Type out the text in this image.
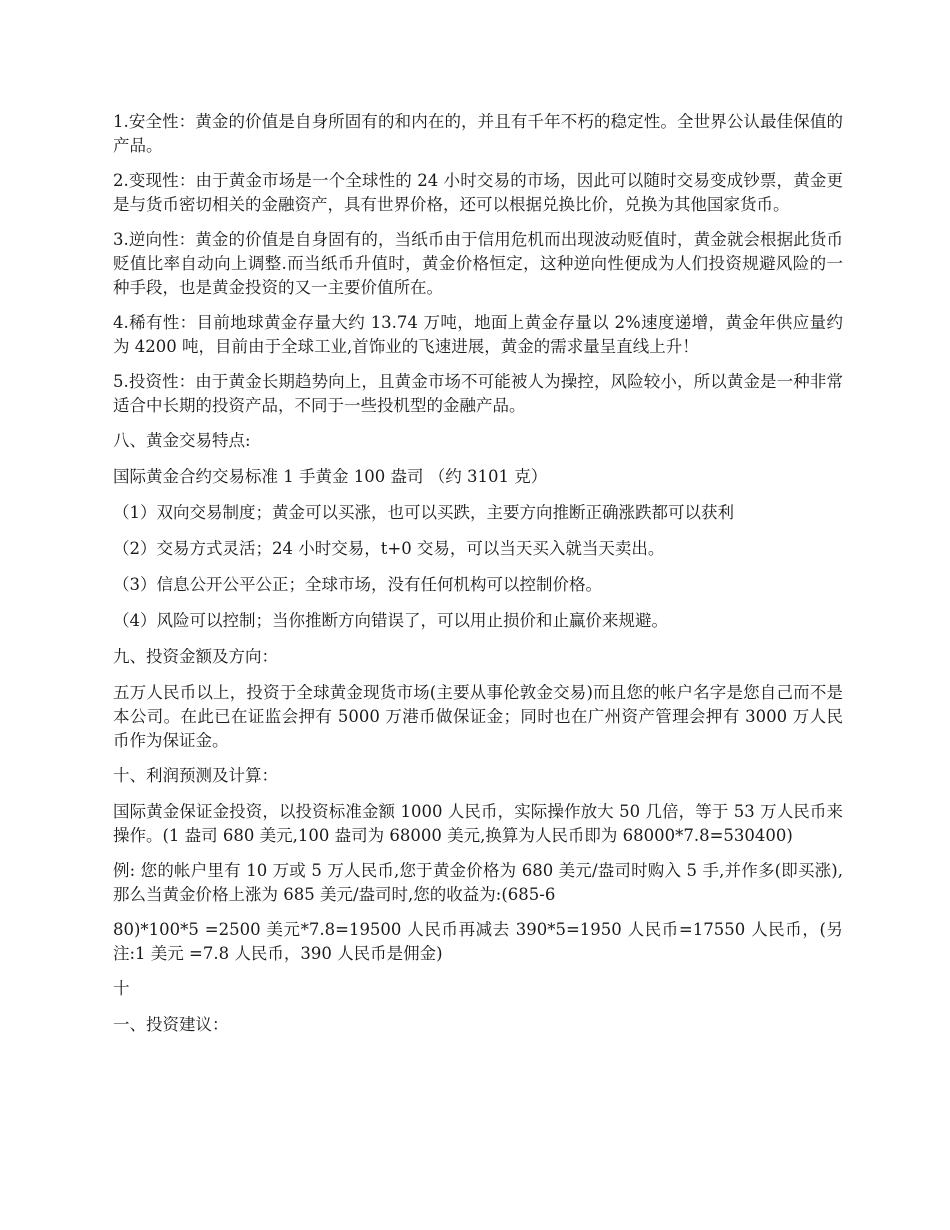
1.安全性：黄金的价值是自身所固有的和内在的，并且有千年不朽的稳定性。全世界公认最佳保值的产品。

2.变现性：由于黄金市场是一个全球性的 24 小时交易的市场，因此可以随时交易变成钞票，黄金更是与货币密切相关的金融资产，具有世界价格，还可以根据兑换比价，兑换为其他国家货币。

3.逆向性：黄金的价值是自身固有的，当纸币由于信用危机而出现波动贬值时，黄金就会根据此货币贬值比率自动向上调整.而当纸币升值时，黄金价格恒定，这种逆向性便成为人们投资规避风险的一种手段，也是黄金投资的又一主要价值所在。

4.稀有性：目前地球黄金存量大约 13.74 万吨，地面上黄金存量以 2%速度递增，黄金年供应量约为 4200 吨，目前由于全球工业,首饰业的飞速进展，黄金的需求量呈直线上升！

5.投资性：由于黄金长期趋势向上，且黄金市场不可能被人为操控，风险较小，所以黄金是一种非常适合中长期的投资产品，不同于一些投机型的金融产品。

八、黄金交易特点:

国际黄金合约交易标准 1 手黄金 100 盎司 （约 3101 克）

（1）双向交易制度；黄金可以买涨，也可以买跌，主要方向推断正确涨跌都可以获利

（2）交易方式灵活；24 小时交易，t+0 交易，可以当天买入就当天卖出。

（3）信息公开公平公正；全球市场，没有任何机构可以控制价格。

（4）风险可以控制；当你推断方向错误了，可以用止损价和止赢价来规避。

九、投资金额及方向：

五万人民币以上，投资于全球黄金现货市场(主要从事伦敦金交易)而且您的帐户名字是您自己而不是本公司。在此已在证监会押有 5000 万港币做保证金；同时也在广州资产管理会押有 3000 万人民币作为保证金。

十、利润预测及计算：

国际黄金保证金投资，以投资标准金额 1000 人民币，实际操作放大 50 几倍，等于 53 万人民币来操作。(1 盎司 680 美元,100 盎司为 68000 美元,换算为人民币即为 68000*7.8=530400)

例: 您的帐户里有 10 万或 5 万人民币,您于黄金价格为 680 美元/盎司时购入 5 手,并作多(即买涨),那么当黄金价格上涨为 685 美元/盎司时,您的收益为:(685-6

80)*100*5 =2500 美元*7.8=19500 人民币再减去 390*5=1950 人民币=17550 人民币，(另注:1 美元 =7.8 人民币，390 人民币是佣金)

十

一、投资建议：
